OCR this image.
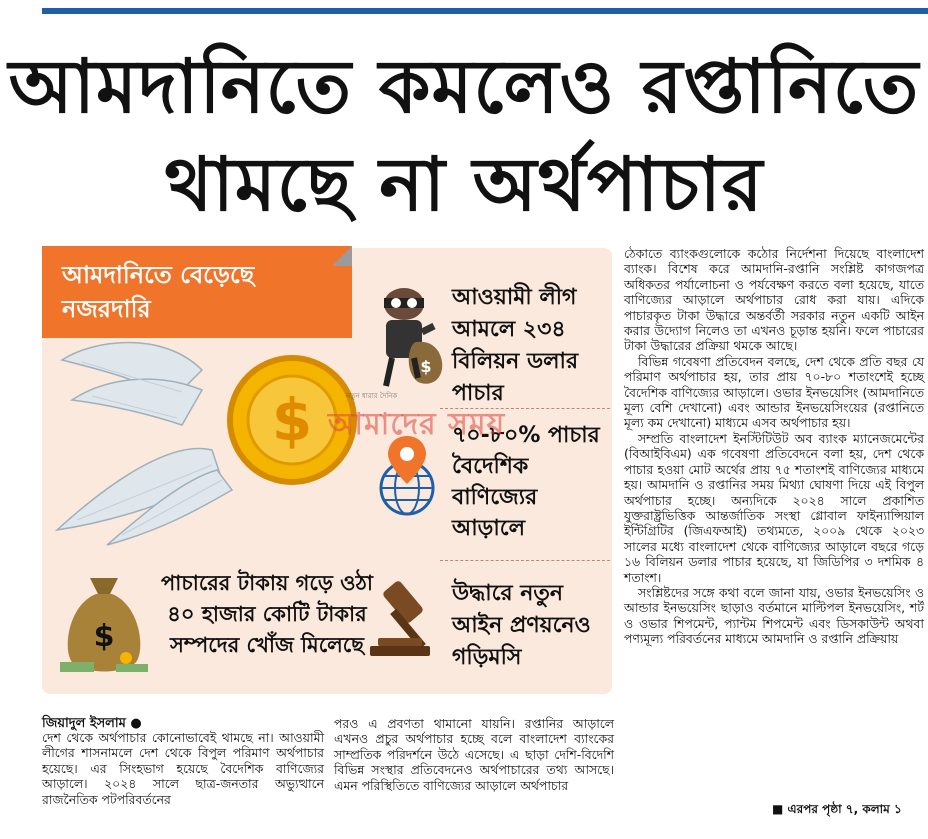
আমদানিতে কমলেও রপ্তানিতে
থামছে না অর্থপাচার
আমদানিতে বেড়েছে নজরদারি
$
$
$
আওয়ামী লীগ আমলে ২৩৪ বিলিয়ন ডলার পাচার
৭০-৮০% পাচার বৈদেশিক বাণিজ্যের আড়ালে
পাচারের টাকায় গড়ে ওঠা ৪০ হাজার কোটি টাকার সম্পদের খোঁজ মিলেছে
উদ্ধারে নতুন আইন প্রণয়নেও গড়িমসি
নতুন ধারার দৈনিক
আমাদের সময়

ঠেকাতে ব্যাংকগুলোকে কঠোর নির্দেশনা দিয়েছে বাংলাদেশ ব্যাংক। বিশেষ করে আমদানি-রপ্তানি সংশ্লিষ্ট কাগজপত্র অধিকতর পর্যালোচনা ও পর্যবেক্ষণ করতে বলা হয়েছে, যাতে বাণিজ্যের আড়ালে অর্থপাচার রোধ করা যায়। এদিকে পাচারকৃত টাকা উদ্ধারে অন্তর্বর্তী সরকার নতুন একটি আইন করার উদ্যোগ নিলেও তা এখনও চূড়ান্ত হয়নি। ফলে পাচারের টাকা উদ্ধারের প্রক্রিয়া থমকে আছে।

বিভিন্ন গবেষণা প্রতিবেদন বলছে, দেশ থেকে প্রতি বছর যে পরিমাণ অর্থপাচার হয়, তার প্রায় ৭০-৮০ শতাংশেই হচ্ছে বৈদেশিক বাণিজ্যের আড়ালে। ওভার ইনভয়েসিং (আমদানিতে মূল্য বেশি দেখানো) এবং আন্ডার ইনভয়েসিংয়ের (রপ্তানিতে মূল্য কম দেখানো) মাধ্যমে এসব অর্থপাচার হয়।

সম্প্রতি বাংলাদেশ ইনস্টিটিউট অব ব্যাংক ম্যানেজমেন্টের (বিআইবিএম) এক গবেষণা প্রতিবেদনে বলা হয়, দেশ থেকে পাচার হওয়া মোট অর্থের প্রায় ৭৫ শতাংশই বাণিজ্যের মাধ্যমে হয়। আমদানি ও রপ্তানির সময় মিথ্যা ঘোষণা দিয়ে এই বিপুল অর্থপাচার হচ্ছে। অন্যদিকে ২০২৪ সালে প্রকাশিত যুক্তরাষ্ট্রভিত্তিক আন্তর্জাতিক সংস্থা গ্লোবাল ফাইন্যান্সিয়াল ইন্টিগ্রিটির (জিএফআই) তথ্যমতে, ২০০৯ থেকে ২০২৩ সালের মধ্যে বাংলাদেশ থেকে বাণিজ্যের আড়ালে বছরে গড়ে ১৬ বিলিয়ন ডলার পাচার হয়েছে, যা জিডিপির ৩ দশমিক ৪ শতাংশ।

সংশ্লিষ্টদের সঙ্গে কথা বলে জানা যায়, ওভার ইনভয়েসিং ও আন্ডার ইনভয়েসিং ছাড়াও বর্তমানে মাল্টিপল ইনভয়েসিং, শর্ট ও ওভার শিপমেন্ট, প্যান্টম শিপমেন্ট এবং ডিসকাউন্ট অথবা পণ্যমূল্য পরিবর্তনের মাধ্যমে আমদানি ও রপ্তানি প্রক্রিয়ায়

জিয়াদুল ইসলাম ●

দেশ থেকে অর্থপাচার কোনোভাবেই থামছে না। আওয়ামী লীগের শাসনামলে দেশ থেকে বিপুল পরিমাণ অর্থপাচার হয়েছে। এর সিংহভাগ হয়েছে বৈদেশিক বাণিজ্যের আড়ালে। ২০২৪ সালে ছাত্র-জনতার অভ্যুত্থানে রাজনৈতিক পটপরিবর্তনের

পরও এ প্রবণতা থামানো যায়নি। রপ্তানির আড়ালে এখনও প্রচুর অর্থপাচার হচ্ছে বলে বাংলাদেশ ব্যাংকের সাম্প্রতিক পরিদর্শনে উঠে এসেছে। এ ছাড়া দেশি-বিদেশি বিভিন্ন সংস্থার প্রতিবেদনেও অর্থপাচারের তথ্য আসছে। এমন পরিস্থিতিতে বাণিজ্যের আড়ালে অর্থপাচার

■ এরপর পৃষ্ঠা ৭, কলাম ১
